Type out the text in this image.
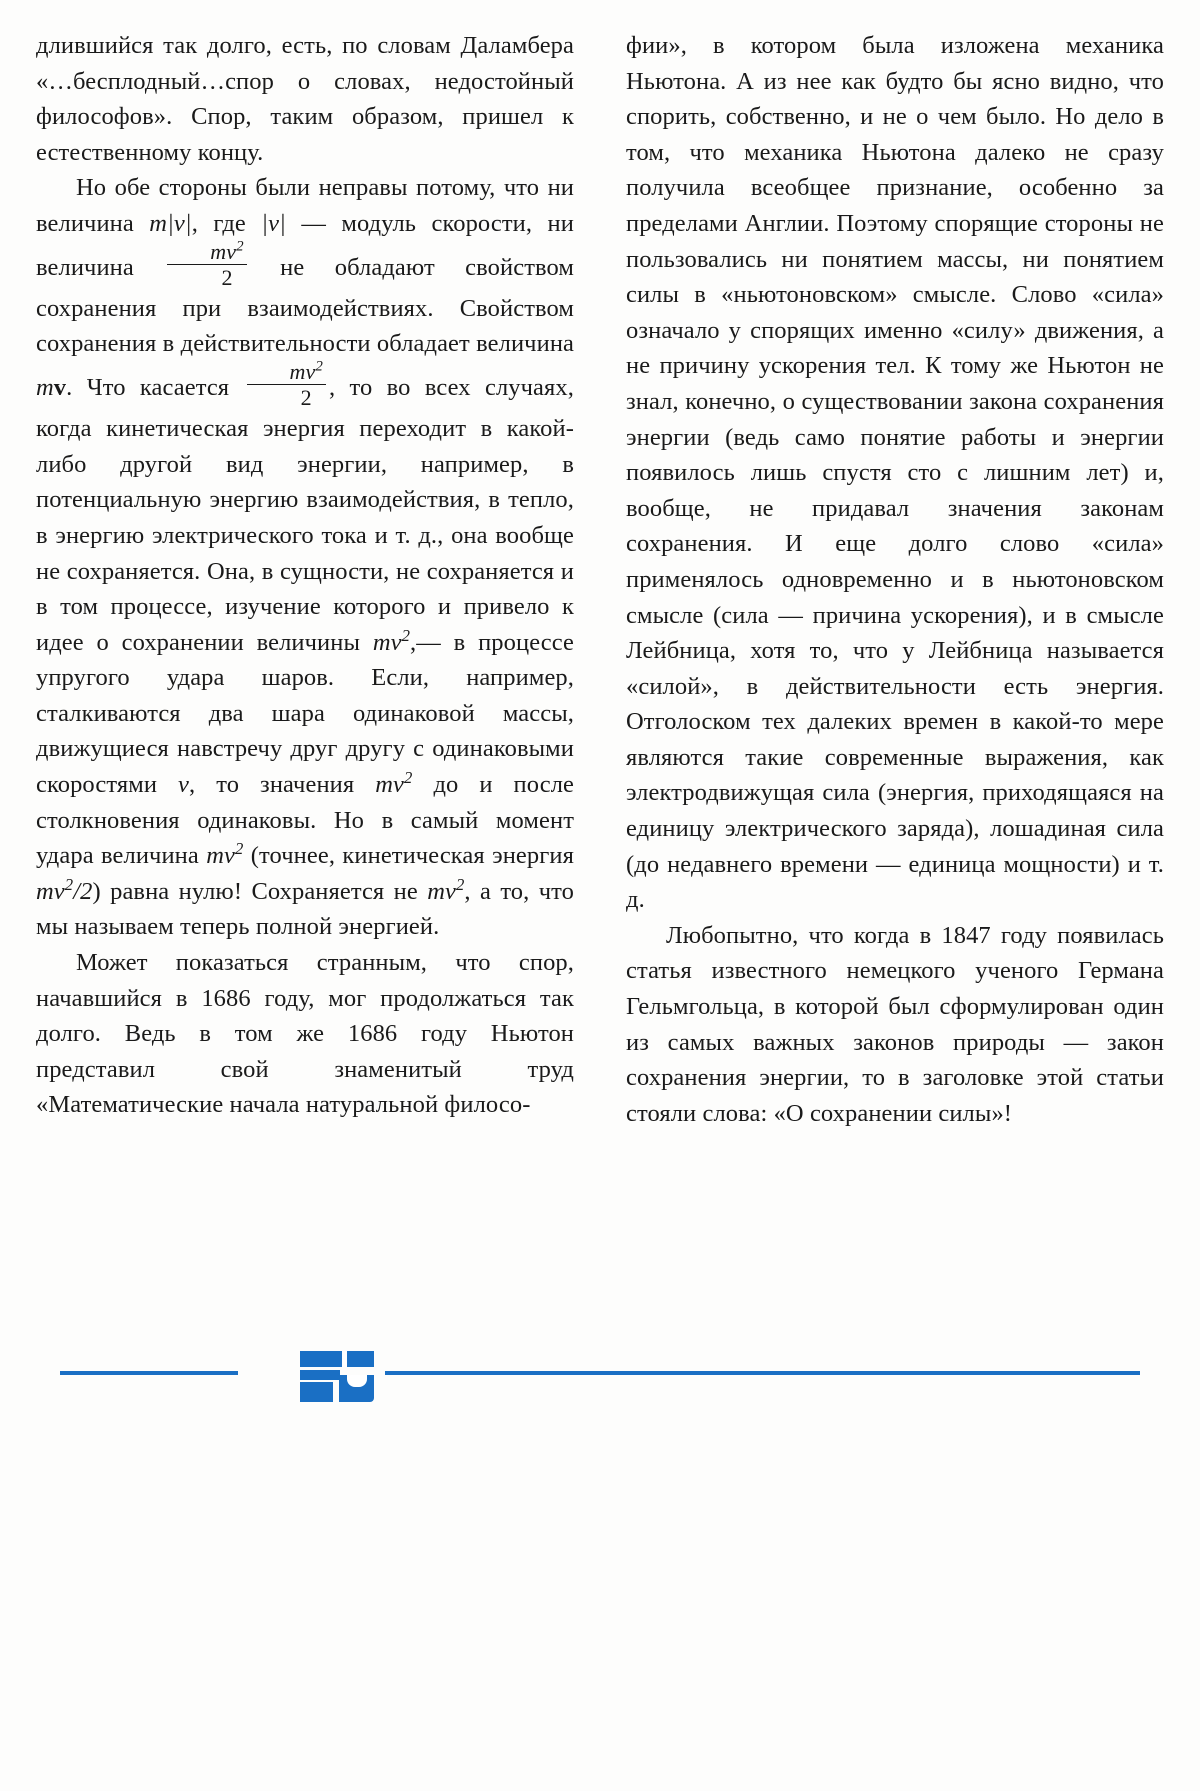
длившийся так долго, есть, по словам Даламбера «…бесплодный…спор о словах, недостойный философов». Спор, таким образом, пришел к естественному концу.

Но обе стороны были неправы потому, что ни величина m|v|, где |v| — модуль скорости, ни величина $\frac{mv^2}{2}$ не обладают свойством сохранения при взаимодействиях. Свойством сохранения в действительности обладает величина mv. Что касается $\frac{mv^2}{2}$ , то во всех случаях, когда кинетическая энергия переходит в какой-либо другой вид энергии, например, в потенциальную энергию взаимодействия, в тепло, в энергию электрического тока и т. д., она вообще не сохраняется. Она, в сущности, не сохраняется и в том процессе, изучение которого и привело к идее о сохранении величины $mv^2,—$ в процессе упругого удара шаров. Если, например, сталкиваются два шара одинаковой массы, движущиеся навстречу друг другу с одинаковыми скоростями v, то значения $mv^2$ до и после столкновения одинаковы. Но в самый момент удара величина $mv^2$ (точнее, кинетическая энергия $mv^2/2$) равна нулю! Сохраняется не $mv^2$, а то, что мы называем теперь полной энергией.

Может показаться странным, что спор, начавшийся в 1686 году, мог продолжаться так долго. Ведь в том же 1686 году Ньютон представил свой знаменитый труд «Математические начала натуральной филосо-

фии», в котором была изложена механика Ньютона. А из нее как будто бы ясно видно, что спорить, собственно, и не о чем было. Но дело в том, что механика Ньютона далеко не сразу получила всеобщее признание, особенно за пределами Англии. Поэтому спорящие стороны не пользовались ни понятием массы, ни понятием силы в «ньютоновском» смысле. Слово «сила» означало у спорящих именно «силу» движения, а не причину ускорения тел. К тому же Ньютон не знал, конечно, о существовании закона сохранения энергии (ведь само понятие работы и энергии появилось лишь спустя сто с лишним лет) и, вообще, не придавал значения законам сохранения. И еще долго слово «сила» применялось одновременно и в ньютоновском смысле (сила — причина ускорения), и в смысле Лейбница, хотя то, что у Лейбница называется «силой», в действительности есть энергия. Отголоском тех далеких времен в какой-то мере являются такие современные выражения, как электродвижущая сила (энергия, приходящаяся на единицу электрического заряда), лошадиная сила (до недавнего времени — единица мощности) и т. д.

Любопытно, что когда в 1847 году появилась статья известного немецкого ученого Германа Гельмгольца, в которой был сформулирован один из самых важных законов природы — закон сохранения энергии, то в заголовке этой статьи стояли слова: «О сохранении силы»!
